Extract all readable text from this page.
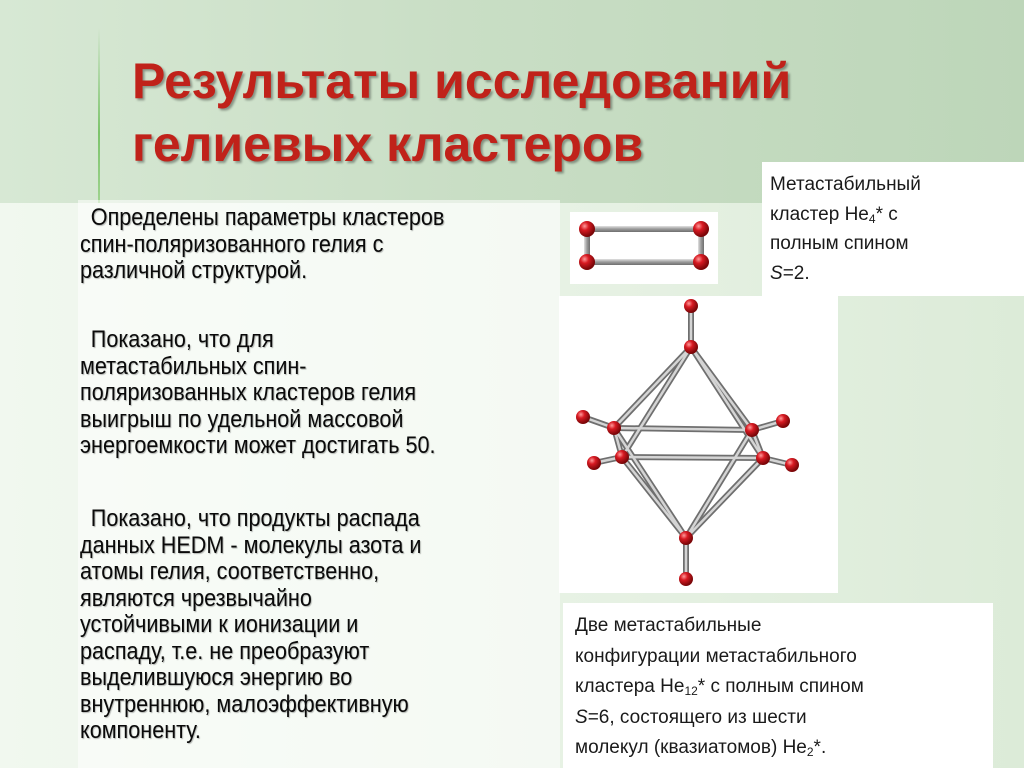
Результаты исследований
гелиевых кластеров

Определены параметры кластеров
спин-поляризованного гелия с
различной структурой.

Показано, что для
метастабильных спин-
поляризованных кластеров гелия
выигрыш по удельной массовой
энергоемкости может достигать 50.

Показано, что продукты распада
данных HEDM - молекулы азота и
атомы гелия, соответственно,
являются чрезвычайно
устойчивыми к ионизации и
распаду, т.е. не преобразуют
выделившуюся энергию во
внутреннюю, малоэффективную
компоненту.

Метастабильный
кластер $He_4*$ с
полным спином
S=2.
Две метастабильные
конфигурации метастабильного
кластера $He_{12}*$ с полным спином
S=6, состоящего из шести
молекул (квазиатомов) $He_2*$.
